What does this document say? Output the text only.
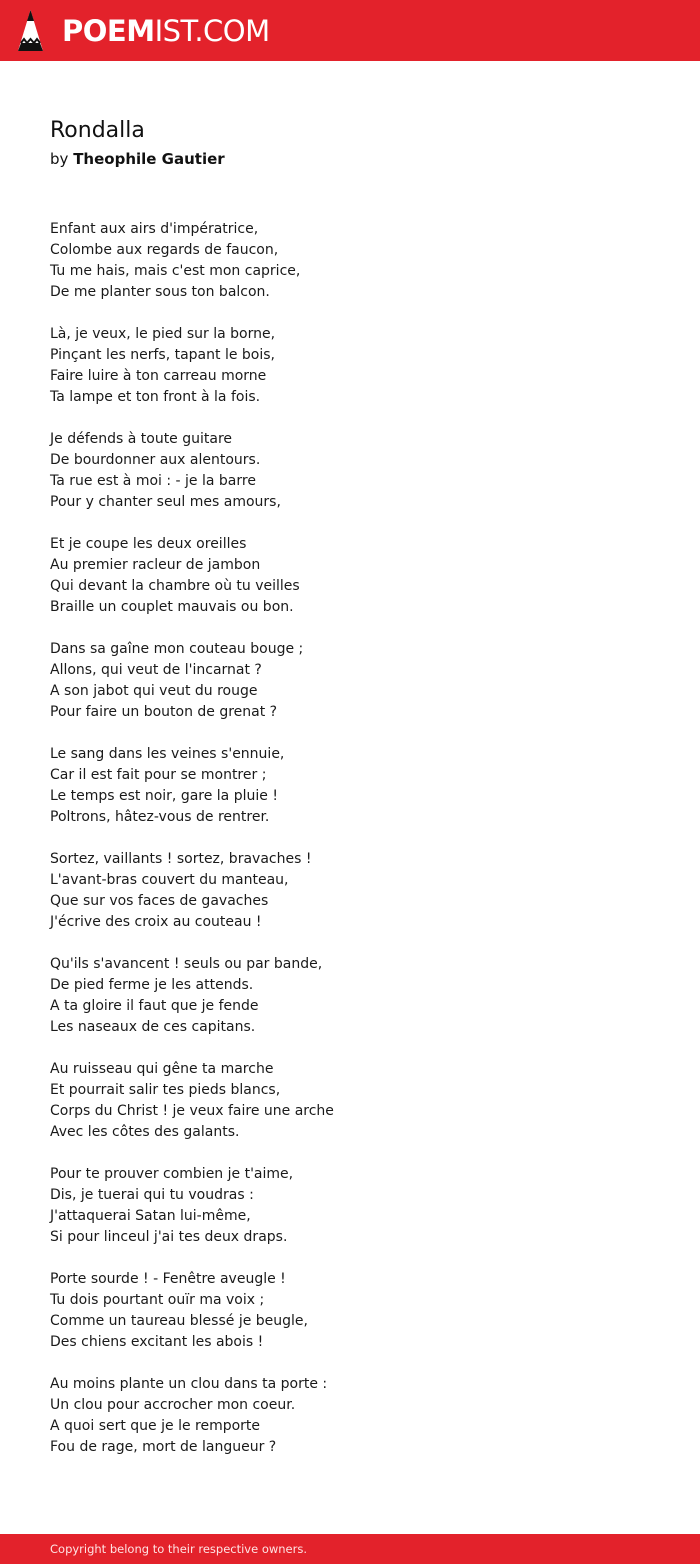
POEMIST.COM
Rondalla
by Theophile Gautier
Enfant aux airs d'impératrice,
Colombe aux regards de faucon,
Tu me hais, mais c'est mon caprice,
De me planter sous ton balcon.
Là, je veux, le pied sur la borne,
Pinçant les nerfs, tapant le bois,
Faire luire à ton carreau morne
Ta lampe et ton front à la fois.
Je défends à toute guitare
De bourdonner aux alentours.
Ta rue est à moi : - je la barre
Pour y chanter seul mes amours,
Et je coupe les deux oreilles
Au premier racleur de jambon
Qui devant la chambre où tu veilles
Braille un couplet mauvais ou bon.
Dans sa gaîne mon couteau bouge ;
Allons, qui veut de l'incarnat ?
A son jabot qui veut du rouge
Pour faire un bouton de grenat ?
Le sang dans les veines s'ennuie,
Car il est fait pour se montrer ;
Le temps est noir, gare la pluie !
Poltrons, hâtez-vous de rentrer.
Sortez, vaillants ! sortez, bravaches !
L'avant-bras couvert du manteau,
Que sur vos faces de gavaches
J'écrive des croix au couteau !
Qu'ils s'avancent ! seuls ou par bande,
De pied ferme je les attends.
A ta gloire il faut que je fende
Les naseaux de ces capitans.
Au ruisseau qui gêne ta marche
Et pourrait salir tes pieds blancs,
Corps du Christ ! je veux faire une arche
Avec les côtes des galants.
Pour te prouver combien je t'aime,
Dis, je tuerai qui tu voudras :
J'attaquerai Satan lui-même,
Si pour linceul j'ai tes deux draps.
Porte sourde ! - Fenêtre aveugle !
Tu dois pourtant ouïr ma voix ;
Comme un taureau blessé je beugle,
Des chiens excitant les abois !
Au moins plante un clou dans ta porte :
Un clou pour accrocher mon coeur.
A quoi sert que je le remporte
Fou de rage, mort de langueur ?
Copyright belong to their respective owners.
